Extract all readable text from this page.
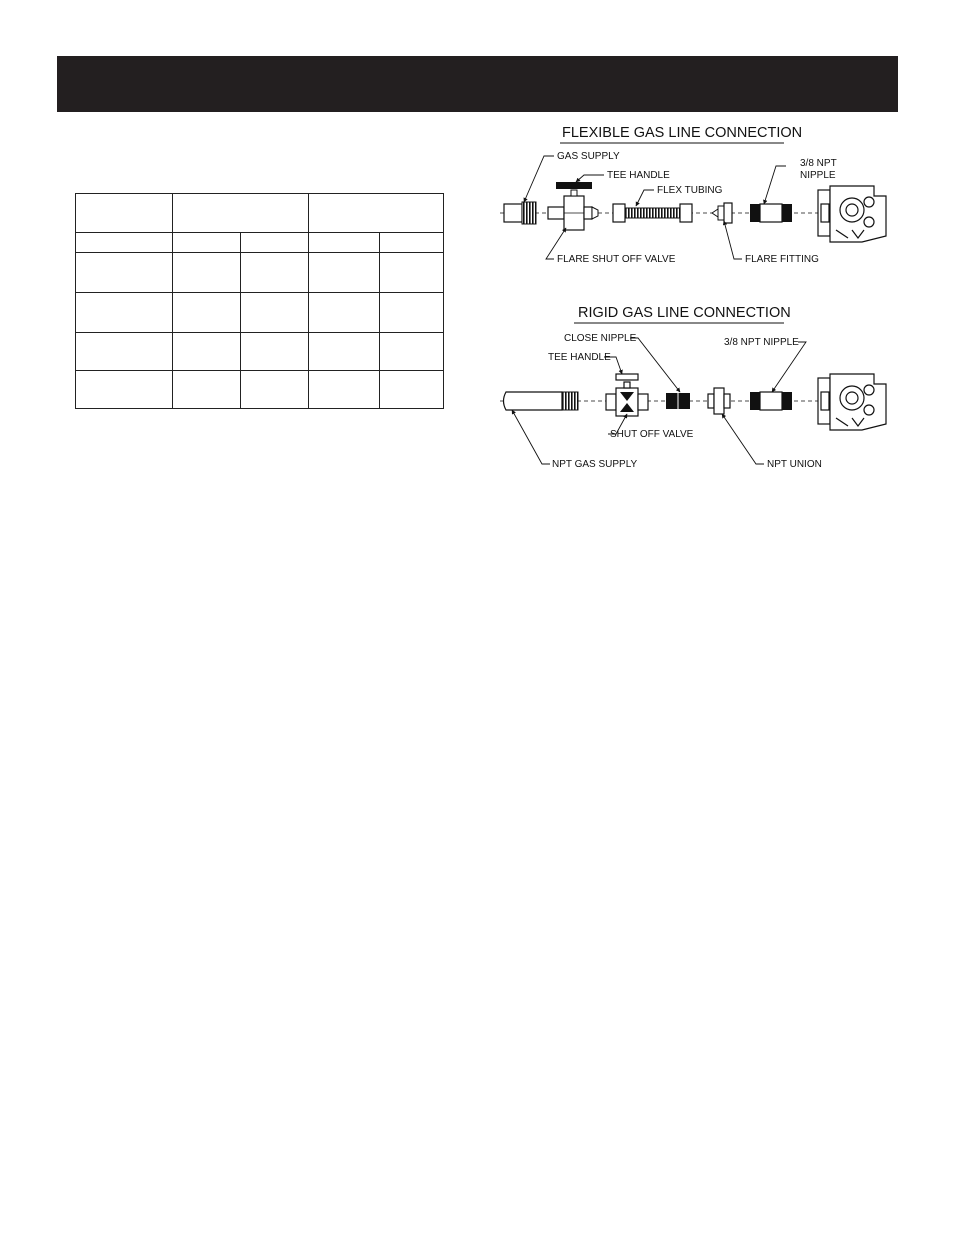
FLEXIBLE GAS LINE CONNECTION
GAS SUPPLY
TEE HANDLE
FLEX TUBING
3/8 NPT
NIPPLE
FLARE SHUT OFF VALVE	FLARE FITTING
RIGID GAS LINE CONNECTION
CLOSE NIPPLE
TEE HANDLE
3/8 NPT NIPPLE
SHUT OFF VALVE
NPT GAS SUPPLY	NPT UNION
